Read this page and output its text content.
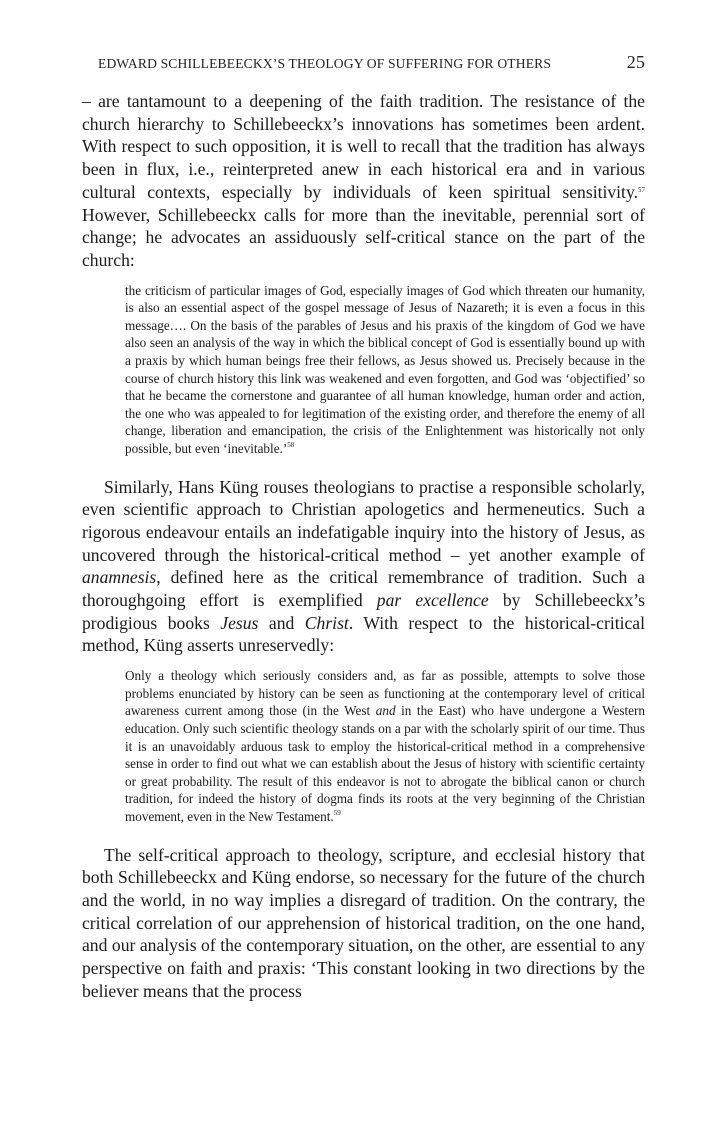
EDWARD SCHILLEBEECKX’S THEOLOGY OF SUFFERING FOR OTHERS	25

– are tantamount to a deepening of the faith tradition. The resistance of the church hierarchy to Schillebeeckx’s innovations has sometimes been ardent. With respect to such opposition, it is well to recall that the tradition has always been in flux, i.e., reinterpreted anew in each historical era and in various cultural contexts, especially by individuals of keen spiritual sensitivity.$^{57}$ However, Schillebeeckx calls for more than the inevitable, perennial sort of change; he advocates an assiduously self-critical stance on the part of the church:

the criticism of particular images of God, especially images of God which threaten our humanity, is also an essential aspect of the gospel message of Jesus of Nazareth; it is even a focus in this message…. On the basis of the parables of Jesus and his praxis of the kingdom of God we have also seen an analysis of the way in which the biblical concept of God is essentially bound up with a praxis by which human beings free their fellows, as Jesus showed us. Precisely because in the course of church history this link was weakened and even forgotten, and God was ‘objectified’ so that he became the cornerstone and guarantee of all human knowledge, human order and action, the one who was appealed to for legitimation of the existing order, and therefore the enemy of all change, liberation and emancipation, the crisis of the Enlightenment was historically not only possible, but even ‘inevitable.’$^{58}$

Similarly, Hans Küng rouses theologians to practise a responsible scholarly, even scientific approach to Christian apologetics and hermeneutics. Such a rigorous endeavour entails an indefatigable inquiry into the history of Jesus, as uncovered through the historical-critical method – yet another example of anamnesis, defined here as the critical remembrance of tradition. Such a thoroughgoing effort is exemplified par excellence by Schillebeeckx’s prodigious books Jesus and Christ. With respect to the historical-critical method, Küng asserts unreservedly:

Only a theology which seriously considers and, as far as possible, attempts to solve those problems enunciated by history can be seen as functioning at the contemporary level of critical awareness current among those (in the West and in the East) who have undergone a Western education. Only such scientific theology stands on a par with the scholarly spirit of our time. Thus it is an unavoidably arduous task to employ the historical-critical method in a comprehensive sense in order to find out what we can establish about the Jesus of history with scientific certainty or great probability. The result of this endeavor is not to abrogate the biblical canon or church tradition, for indeed the history of dogma finds its roots at the very beginning of the Christian movement, even in the New Testament.$^{59}$

The self-critical approach to theology, scripture, and ecclesial history that both Schillebeeckx and Küng endorse, so necessary for the future of the church and the world, in no way implies a disregard of tradition. On the contrary, the critical correlation of our apprehension of historical tradition, on the one hand, and our analysis of the contemporary situation, on the other, are essential to any perspective on faith and praxis: ‘This constant looking in two directions by the believer means that the process
